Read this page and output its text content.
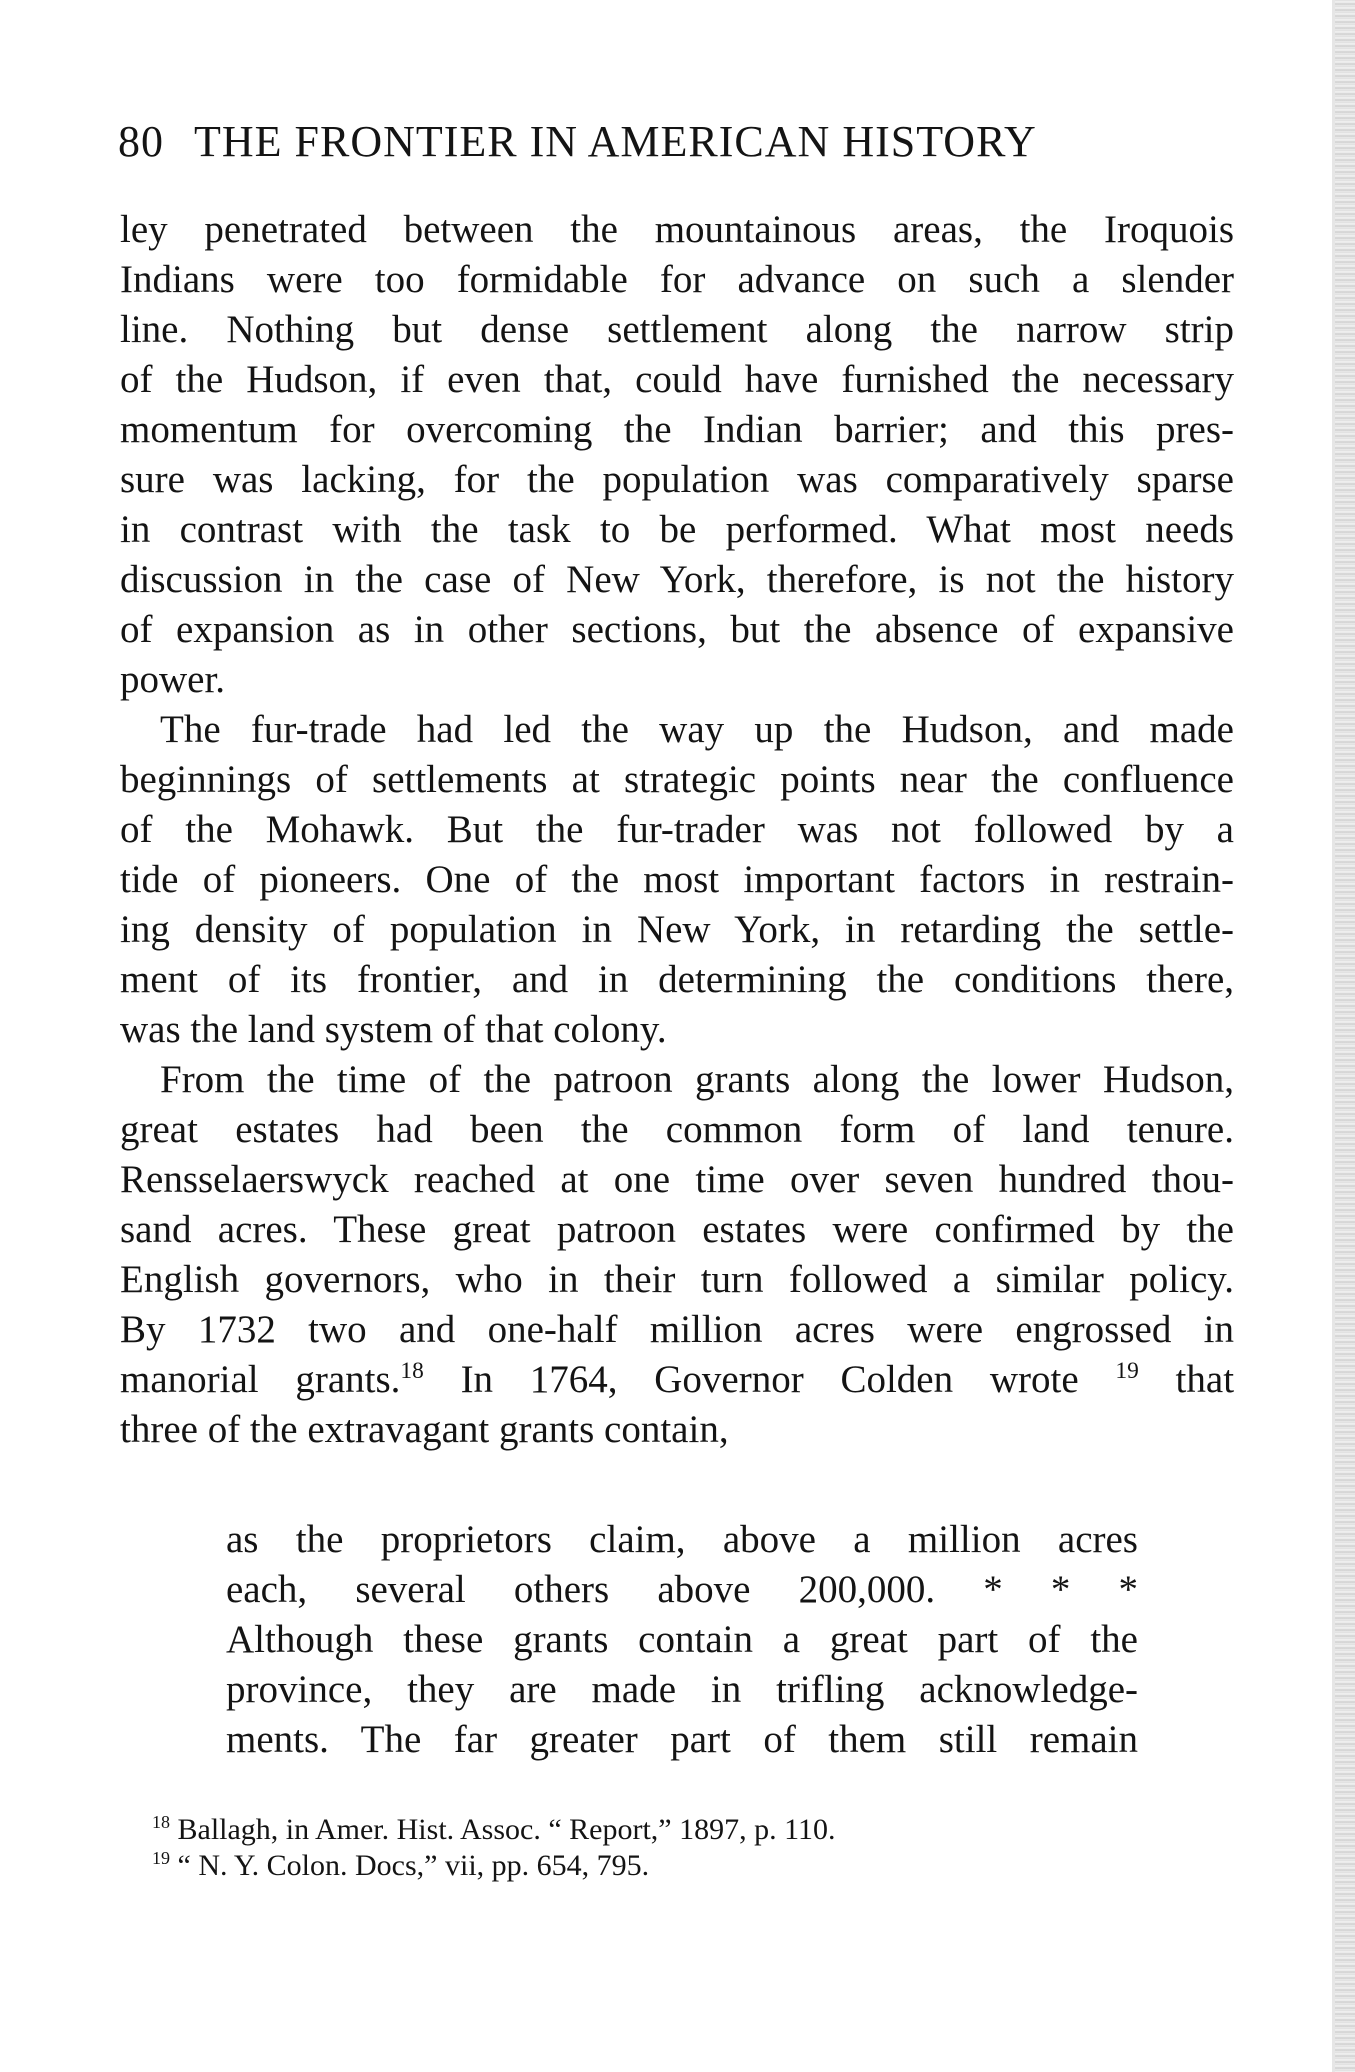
80 THE FRONTIER IN AMERICAN HISTORY
ley penetrated between the mountainous areas, the Iroquois
Indians were too formidable for advance on such a slender
line. Nothing but dense settlement along the narrow strip
of the Hudson, if even that, could have furnished the necessary
momentum for overcoming the Indian barrier; and this pres-
sure was lacking, for the population was comparatively sparse
in contrast with the task to be performed. What most needs
discussion in the case of New York, therefore, is not the history
of expansion as in other sections, but the absence of expansive
power.
The fur-trade had led the way up the Hudson, and made
beginnings of settlements at strategic points near the confluence
of the Mohawk. But the fur-trader was not followed by a
tide of pioneers. One of the most important factors in restrain-
ing density of population in New York, in retarding the settle-
ment of its frontier, and in determining the conditions there,
was the land system of that colony.
From the time of the patroon grants along the lower Hudson,
great estates had been the common form of land tenure.
Rensselaerswyck reached at one time over seven hundred thou-
sand acres. These great patroon estates were confirmed by the
English governors, who in their turn followed a similar policy.
By 1732 two and one-half million acres were engrossed in
manorial grants.$^{18}$ In 1764, Governor Colden wrote $^{19}$ that
three of the extravagant grants contain,
as the proprietors claim, above a million acres
each, several others above 200,000. * * *
Although these grants contain a great part of the
province, they are made in trifling acknowledge-
ments. The far greater part of them still remain
$^{18}$ Ballagh, in Amer. Hist. Assoc. “ Report,” 1897, p. 110.
$^{19}$ “ N. Y. Colon. Docs,” vii, pp. 654, 795.
